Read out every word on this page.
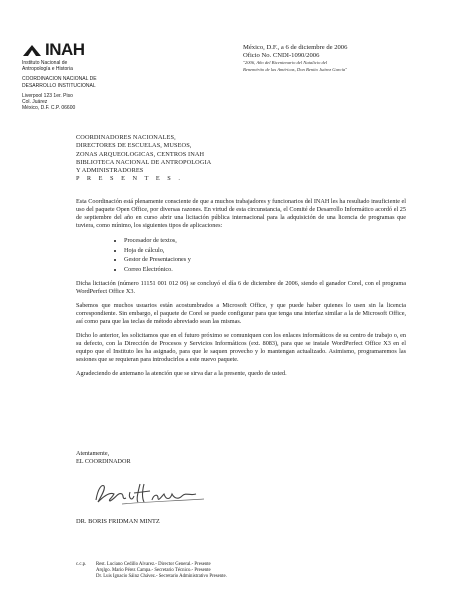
INAH
Instituto Nacional de
Antropología e Historia
COORDINACION NACIONAL DE
DESARROLLO INSTITUCIONAL
Liverpool 123 1er. Piso
Col. Juárez
México, D.F. C.P. 06600
México, D.F., a 6 de diciembre de 2006
Oficio No. CNDI-1090/2006
"2006, Año del Bicentenario del Natalicio del
Benemérito de las Américas, Don Benito Juárez García"
COORDINADORES NACIONALES,
DIRECTORES DE ESCUELAS, MUSEOS,
ZONAS ARQUEOLOGICAS, CENTROS INAH
BIBLIOTECA NACIONAL DE ANTROPOLOGIA
Y ADMINISTRADORES
P R E S E N T E S .

Esta Coordinación está plenamente consciente de que a muchos trabajadores y funcionarios del INAH les ha resultado insuficiente el uso del paquete Open Office, por diversas razones. En virtud de esta circunstancia, el Comité de Desarrollo Informático acordó el 25 de septiembre del año en curso abrir una licitación pública internacional para la adquisición de una licencia de programas que tuviera, como mínimo, los siguientes tipos de aplicaciones:

• Procesador de textos,
• Hoja de cálculo,
• Gestor de Presentaciones y
• Correo Electrónico.

Dicha licitación (número 11151 001 012 06) se concluyó el día 6 de diciembre de 2006, siendo el ganador Corel, con el programa WordPerfect Office X3.

Sabemos que muchos usuarios están acostumbrados a Microsoft Office, y que puede haber quienes lo usen sin la licencia correspondiente. Sin embargo, el paquete de Corel se puede configurar para que tenga una interfaz similar a la de Microsoft Office, así como para que las teclas de método abreviado sean las mismas.

Dicho lo anterior, les solicitamos que en el futuro próximo se comuniquen con los enlaces informáticos de su centro de trabajo o, en su defecto, con la Dirección de Procesos y Servicios Informáticos (ext. 8083), para que se instale WordPerfect Office X3 en el equipo que el Instituto les ha asignado, para que le saquen provecho y lo mantengan actualizado. Asimismo, programaremos las sesiones que se requieran para introducirlos a este nuevo paquete.

Agradeciendo de antemano la atención que se sirva dar a la presente, quedo de usted.

Atentamente,
EL COORDINADOR
DR. BORIS FRIDMAN MINTZ
c.c.p.	Rest. Luciano Cedillo Alvarez.- Director General.- Presente
Arqlgo. Mario Pérez Campa.- Secretario Técnico.- Presente
Dr. Luis Ignacio Sáinz Chávez.- Secretario Administrativo Presente.
